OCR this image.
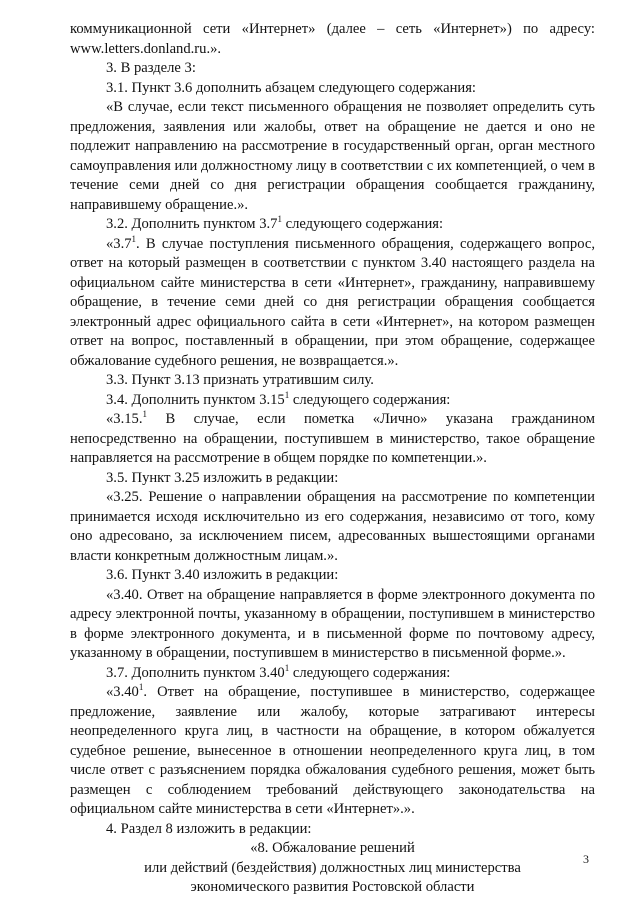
коммуникационной сети «Интернет» (далее – сеть «Интернет») по адресу: www.letters.donland.ru.».

3. В разделе 3:

3.1. Пункт 3.6 дополнить абзацем следующего содержания:

«В случае, если текст письменного обращения не позволяет определить суть предложения, заявления или жалобы, ответ на обращение не дается и оно не подлежит направлению на рассмотрение в государственный орган, орган местного самоуправления или должностному лицу в соответствии с их компетенцией, о чем в течение семи дней со дня регистрации обращения сообщается гражданину, направившему обращение.».

3.2. Дополнить пунктом $3.7^1$ следующего содержания:

«$3.7^1$. В случае поступления письменного обращения, содержащего вопрос, ответ на который размещен в соответствии с пунктом 3.40 настоящего раздела на официальном сайте министерства в сети «Интернет», гражданину, направившему обращение, в течение семи дней со дня регистрации обращения сообщается электронный адрес официального сайта в сети «Интернет», на котором размещен ответ на вопрос, поставленный в обращении, при этом обращение, содержащее обжалование судебного решения, не возвращается.».

3.3. Пункт 3.13 признать утратившим силу.

3.4. Дополнить пунктом 3.15$^1$ следующего содержания:

«3.15.$^1$ В случае, если пометка «Лично» указана гражданином непосредственно на обращении, поступившем в министерство, такое обращение направляется на рассмотрение в общем порядке по компетенции.».

3.5. Пункт 3.25 изложить в редакции:

«3.25. Решение о направлении обращения на рассмотрение по компетенции принимается исходя исключительно из его содержания, независимо от того, кому оно адресовано, за исключением писем, адресованных вышестоящими органами власти конкретным должностным лицам.».

3.6. Пункт 3.40 изложить в редакции:

«3.40. Ответ на обращение направляется в форме электронного документа по адресу электронной почты, указанному в обращении, поступившем в министерство в форме электронного документа, и в письменной форме по почтовому адресу, указанному в обращении, поступившем в министерство в письменной форме.».

3.7. Дополнить пунктом 3.40$^1$ следующего содержания:

«3.40$^1$. Ответ на обращение, поступившее в министерство, содержащее предложение, заявление или жалобу, которые затрагивают интересы неопределенного круга лиц, в частности на обращение, в котором обжалуется судебное решение, вынесенное в отношении неопределенного круга лиц, в том числе ответ с разъяснением порядка обжалования судебного решения, может быть размещен с соблюдением требований действующего законодательства на официальном сайте министерства в сети «Интернет».».

4. Раздел 8 изложить в редакции:

«8. Обжалование решений

или действий (бездействия) должностных лиц министерства

экономического развития Ростовской области

3
